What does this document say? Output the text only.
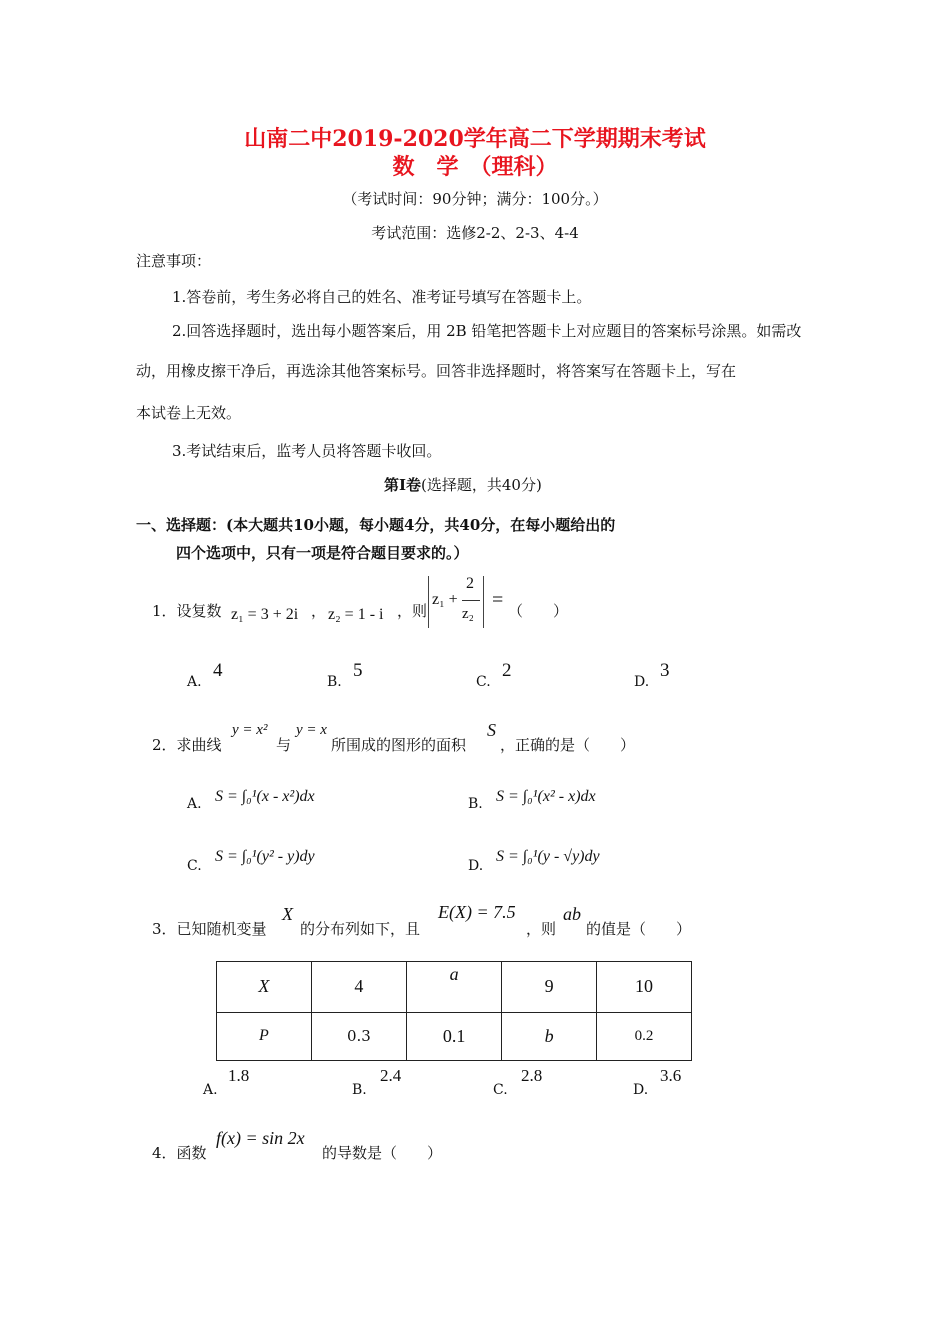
山南二中2019-2020学年高二下学期期末考试
数　学　（理科）
（考试时间：90分钟；满分：100分。）
考试范围：选修2-2、2-3、4-4
注意事项：
1.答卷前，考生务必将自己的姓名、准考证号填写在答题卡上。
2.回答选择题时，选出每小题答案后，用 2B 铅笔把答题卡上对应题目的答案标号涂黑。如需改
动，用橡皮擦干净后，再选涂其他答案标号。回答非选择题时，将答案写在答题卡上，写在
本试卷上无效。
3.考试结束后，监考人员将答题卡收回。
第Ⅰ卷(选择题，共40分)
一、选择题：(本大题共10小题，每小题4分，共40分，在每小题给出的
四个选项中，只有一项是符合题目要求的。）
1．设复数 z₁ = 3 + 2i ， z₂ = 1 - i ，则
z₁ +
2
z₂
= （　　）
A.
4
B.
5
C.
2
D.
3
2．求曲线
y = x²
与
y = x
所围成的图形的面积
S
，正确的是（　　）
A. S = ∫₀¹(x - x²)dx	B. S = ∫₀¹(x² - x)dx
C.
S = ∫₀¹(y² - y)dy
D.
S = ∫₀¹(y - √y)dy
3．已知随机变量
X
的分布列如下，且
E(X) = 7.5
，则
ab
的值是（　　）
X	4	a	9	10
P	0.3	0.1	b	0.2
A.
1.8
B.
2.4
C.
2.8
D.
3.6
4．函数
f(x) = sin 2x
的导数是（　　）
